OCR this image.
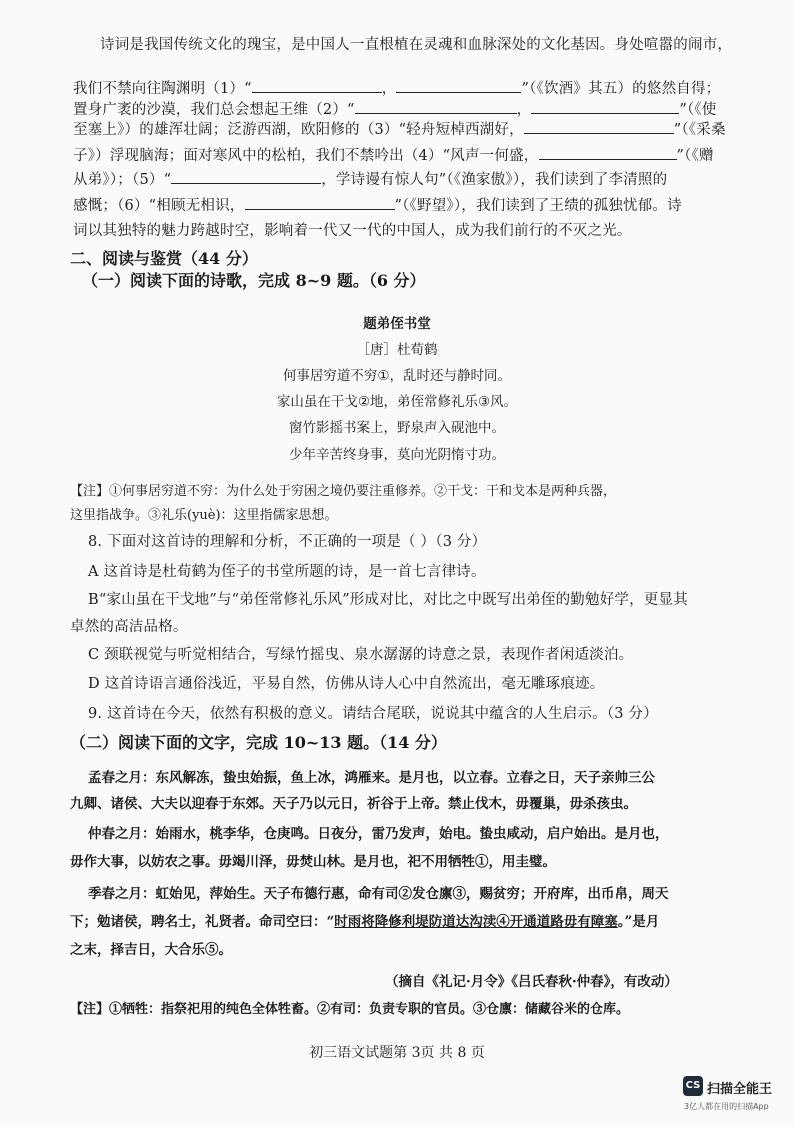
诗词是我国传统文化的瑰宝，是中国人一直根植在灵魂和血脉深处的文化基因。身处喧嚣的闹市，
我们不禁向往陶渊明（1）“	，	”（《饮酒》其五）的悠然自得；
置身广袤的沙漠，我们总会想起王维（2）“	，	”（《使
至塞上》）的雄浑壮阔；泛游西湖，欧阳修的（3）“轻舟短棹西湖好，	”（《采桑
子》）浮现脑海；面对寒风中的松柏，我们不禁吟出（4）“风声一何盛，	”（《赠
从弟》）；（5）“	，学诗谩有惊人句”（《渔家傲》），我们读到了李清照的
感慨；（6）“相顾无相识，	”（《野望》），我们读到了王绩的孤独忧郁。诗
词以其独特的魅力跨越时空，影响着一代又一代的中国人，成为我们前行的不灭之光。
二、阅读与鉴赏（44 分）
（一）阅读下面的诗歌，完成 8~9 题。（6 分）
题弟侄书堂
［唐］杜荀鹤
何事居穷道不穷①，乱时还与静时同。
家山虽在干戈②地，弟侄常修礼乐③风。
窗竹影摇书案上，野泉声入砚池中。
少年辛苦终身事，莫向光阴惰寸功。
【注】①何事居穷道不穷：为什么处于穷困之境仍要注重修养。②干戈：干和戈本是两种兵器，
这里指战争。③礼乐(yuè)：这里指儒家思想。
8. 下面对这首诗的理解和分析，不正确的一项是（ ）（3 分）
A 这首诗是杜荀鹤为侄子的书堂所题的诗，是一首七言律诗。
B“家山虽在干戈地”与“弟侄常修礼乐风”形成对比，对比之中既写出弟侄的勤勉好学，更显其
卓然的高洁品格。
C 颈联视觉与听觉相结合，写绿竹摇曳、泉水潺潺的诗意之景，表现作者闲适淡泊。
D 这首诗语言通俗浅近，平易自然，仿佛从诗人心中自然流出，毫无雕琢痕迹。
9. 这首诗在今天，依然有积极的意义。请结合尾联，说说其中蕴含的人生启示。（3 分）
（二）阅读下面的文字，完成 10~13 题。（14 分）
孟春之月：东风解冻，蛰虫始振，鱼上冰，鸿雁来。是月也，以立春。立春之日，天子亲帅三公
九卿、诸侯、大夫以迎春于东郊。天子乃以元日，祈谷于上帝。禁止伐木，毋覆巢，毋杀孩虫。
仲春之月：始雨水，桃李华，仓庚鸣。日夜分，雷乃发声，始电。蛰虫咸动，启户始出。是月也，
毋作大事，以妨农之事。毋竭川泽，毋焚山林。是月也，祀不用牺牲①，用圭璧。
季春之月：虹始见，萍始生。天子布德行惠，命有司②发仓廪③，赐贫穷；开府库，出币帛，周天
下；勉诸侯，聘名士，礼贤者。命司空曰：“时雨将降修利堤防道达沟渎④开通道路毋有障塞。”是月
之末，择吉日，大合乐⑤。
（摘自《礼记·月令》《吕氏春秋·仲春》，有改动）
【注】①牺牲：指祭祀用的纯色全体牲畜。②有司：负责专职的官员。③仓廪：储藏谷米的仓库。
初三语文试题第 3页 共 8 页
CS 扫描全能王
3亿人都在用的扫描App
